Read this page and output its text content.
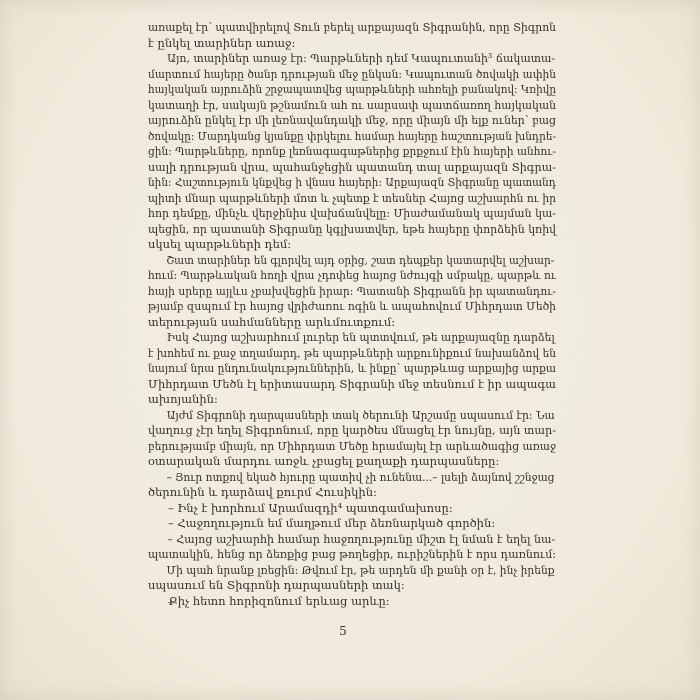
առաքել էր՝ պատվիրելով Տուն բերել արքայազն Տիգրանին, որը Տիգրոն
է ընկել տարիներ առաջ:
Այո, տարիներ առաջ էր: Պարթևների դեմ Կապուտանի³ ճակատա-
մարտում հայերը ծանր դրության մեջ ընկան: Կապուտան ծովակի ափին
հայկական այրուձին շրջապատվեց պարթևների ահռելի բանակով: Կռիվը
կատաղի էր, սակայն թշնամուն ահ ու սարսափ պատճառող հայկական
այրուձին ընկել էր մի լեռնավանդակի մեջ, որը միայն մի ելք ուներ՝ բաց
ծովակը: Մարդկանց կյանքը փրկելու համար հայերը հաշտության խնդրե-
ցին: Պարթևները, որոնք լեռնագագաթներից քրքջում էին հայերի անհու-
սալի դրության վրա, պահանջեցին պատանդ տալ արքայազն Տիգրա-
նին: Հաշտություն կնքվեց ի վնաս հայերի: Արքայազն Տիգրանը պատանդ
պիտի մնար պարթևների մոտ և չպետք է տեսներ Հայոց աշխարհն ու իր
հոր դեմքը, մինչև վերջինիս վախճանվելը: Միաժամանակ պայման կա-
պեցին, որ պատանի Տիգրանը կգլխատվեր, եթե հայերը փորձեին կռիվ
սկսել պարթևների դեմ:
Շատ տարիներ են գլորվել այդ օրից, շատ դեպքեր կատարվել աշխար-
հում: Պարթևական հողի վրա չդոփեց հայոց նժույգի սմբակը, պարթև ու
հայի սրերը այլևս չբախվեցին իրար: Պատանի Տիգրանն իր պատանդու-
թյամբ զսպում էր հայոց վրիժառու ոգին և ապահովում Միհրդատ Մեծի
տերության սահմանները արևմուտքում:
Իսկ Հայոց աշխարհում լուրեր են պտտվում, թե արքայազնը դարձել
է խոհեմ ու քաջ տղամարդ, թե պարթևների արքունիքում նախանձով են
նայում նրա ընդունակություններին, և ինքը՝ պարթևաց արքայից արքա
Միհրդատ Մեծն էլ երիտասարդ Տիգրանի մեջ տեսնում է իր ապագա
ախոյանին:
Այժմ Տիգրոնի դարպասների տակ ծերունի Արշամը սպասում էր: Նա
վաղուց չէր եղել Տիգրոնում, որը կարծես մնացել էր նույնը, այն տար-
բերությամբ միայն, որ Միհրդատ Մեծը հրամայել էր արևածագից առաջ
օտարական մարդու առջև չբացել քաղաքի դարպասները:
– Յուր ոտքով եկած հյուրը պատիվ չի ունենա...– լսելի ձայնով շշնջաց
ծերունին և դարձավ քուրմ Հուսիկին:
– Ինչ է խորհում Արամազդի⁴ պատգամախոսը:
– Հաջողություն եմ մաղթում մեր ձեռնարկած գործին:
– Հայոց աշխարհի համար հաջողությունը միշտ էլ նման է եղել նա-
պատակին, հենց որ ձեռքից բաց թողեցիր, ուրիշներին է որս դառնում:
Մի պահ նրանք լռեցին: Թվում էր, թե արդեն մի քանի օր է, ինչ իրենք
սպասում են Տիգրոնի դարպասների տակ:
Քիչ հետո հորիզոնում երևաց արևը:
5
